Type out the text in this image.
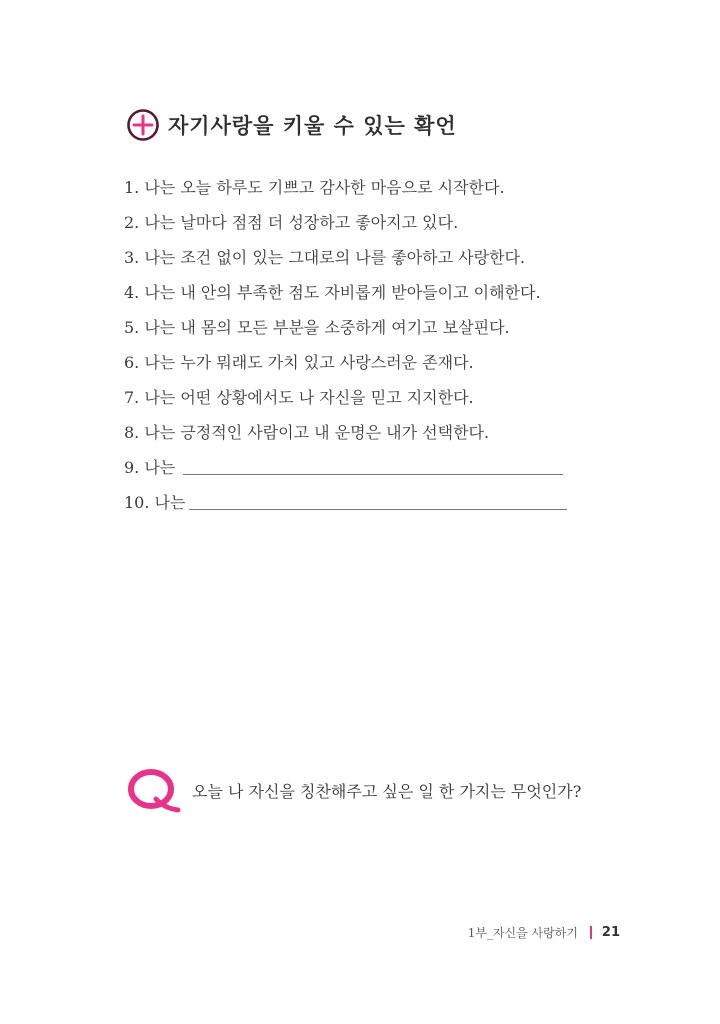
자기사랑을 키울 수 있는 확언
1. 나는 오늘 하루도 기쁘고 감사한 마음으로 시작한다.
2. 나는 날마다 점점 더 성장하고 좋아지고 있다.
3. 나는 조건 없이 있는 그대로의 나를 좋아하고 사랑한다.
4. 나는 내 안의 부족한 점도 자비롭게 받아들이고 이해한다.
5. 나는 내 몸의 모든 부분을 소중하게 여기고 보살핀다.
6. 나는 누가 뭐래도 가치 있고 사랑스러운 존재다.
7. 나는 어떤 상황에서도 나 자신을 믿고 지지한다.
8. 나는 긍정적인 사람이고 내 운명은 내가 선택한다.
9. 나는
10. 나는
오늘 나 자신을 칭찬해주고 싶은 일 한 가지는 무엇인가?
1부_자신을 사랑하기 21
